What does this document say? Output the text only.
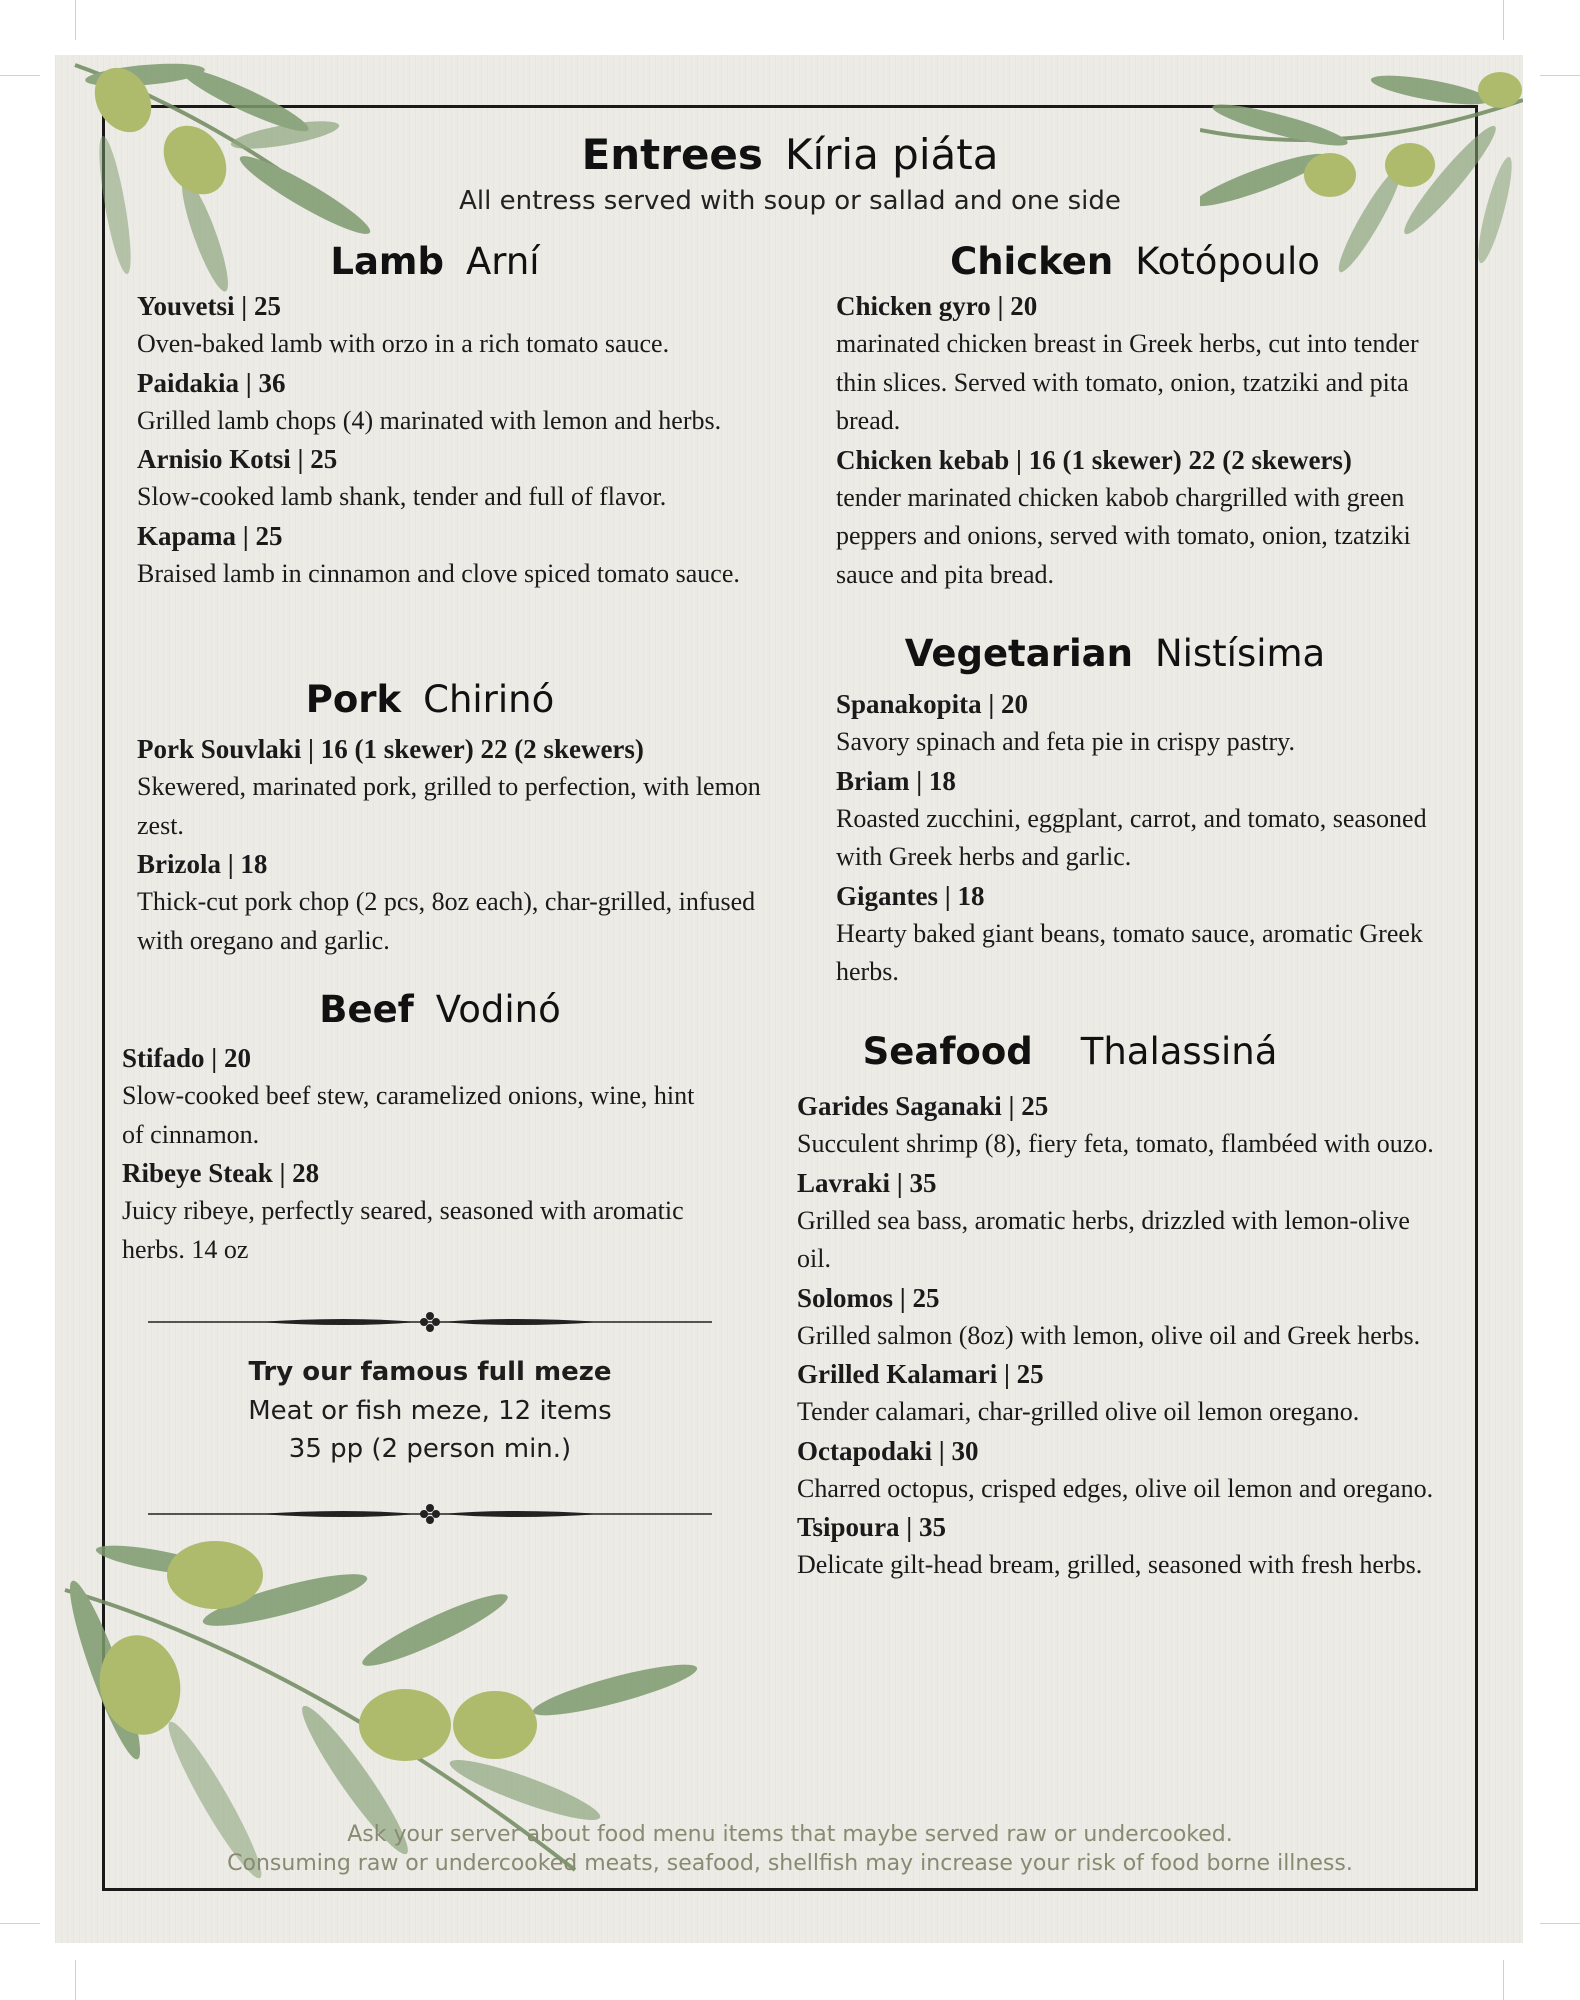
Entrees Kíria piáta
All entress served with soup or sallad and one side
Lamb Arní
Youvetsi | 25
Oven-baked lamb with orzo in a rich tomato sauce.
Paidakia | 36
Grilled lamb chops (4) marinated with lemon and herbs.
Arnisio Kotsi | 25
Slow-cooked lamb shank, tender and full of flavor.
Kapama | 25
Braised lamb in cinnamon and clove spiced tomato sauce.
Pork Chirinó
Pork Souvlaki | 16 (1 skewer) 22 (2 skewers)
Skewered, marinated pork, grilled to perfection, with lemon zest.
Brizola | 18
Thick-cut pork chop (2 pcs, 8oz each), char-grilled, infused with oregano and garlic.
Beef Vodinó
Stifado | 20
Slow-cooked beef stew, caramelized onions, wine, hint of cinnamon.
Ribeye Steak | 28
Juicy ribeye, perfectly seared, seasoned with aromatic herbs. 14 oz
Try our famous full meze
Meat or fish meze, 12 items
35 pp (2 person min.)
Chicken Kotópoulo
Chicken gyro | 20
marinated chicken breast in Greek herbs, cut into tender thin slices. Served with tomato, onion, tzatziki and pita bread.
Chicken kebab | 16 (1 skewer) 22 (2 skewers)
tender marinated chicken kabob chargrilled with green peppers and onions, served with tomato, onion, tzatziki sauce and pita bread.
Vegetarian Nistísima
Spanakopita | 20
Savory spinach and feta pie in crispy pastry.
Briam | 18
Roasted zucchini, eggplant, carrot, and tomato, seasoned with Greek herbs and garlic.
Gigantes | 18
Hearty baked giant beans, tomato sauce, aromatic Greek herbs.
Seafood Thalassiná
Garides Saganaki | 25
Succulent shrimp (8), fiery feta, tomato, flambéed with ouzo.
Lavraki | 35
Grilled sea bass, aromatic herbs, drizzled with lemon-olive oil.
Solomos | 25
Grilled salmon (8oz) with lemon, olive oil and Greek herbs.
Grilled Kalamari | 25
Tender calamari, char-grilled olive oil lemon oregano.
Octapodaki | 30
Charred octopus, crisped edges, olive oil lemon and oregano.
Tsipoura | 35
Delicate gilt-head bream, grilled, seasoned with fresh herbs.
Ask your server about food menu items that maybe served raw or undercooked.
Consuming raw or undercooked meats, seafood, shellfish may increase your risk of food borne illness.
